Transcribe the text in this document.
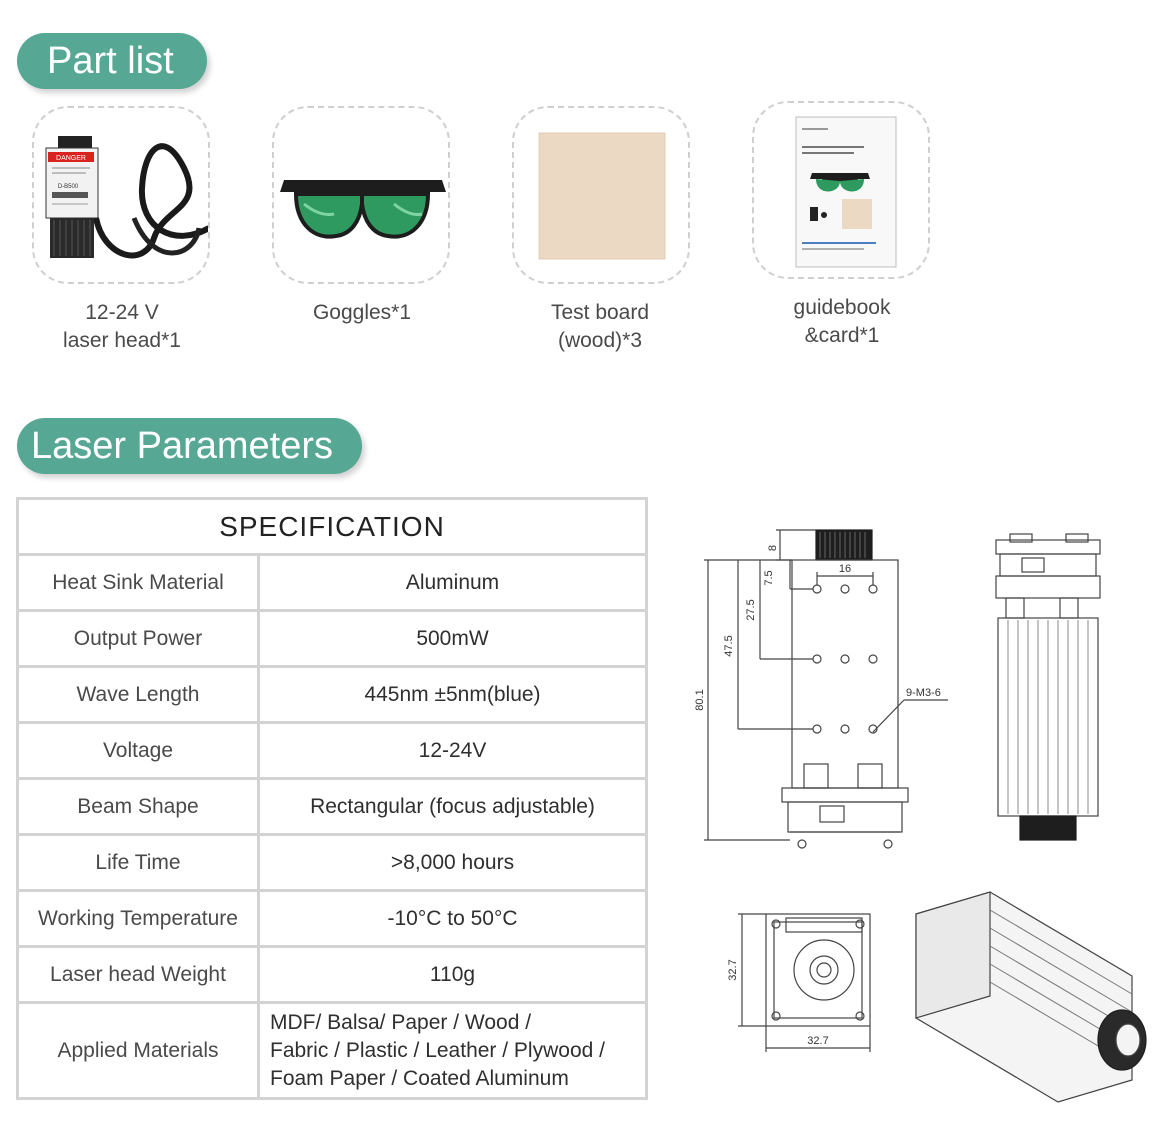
Part list
DANGER
D-B500
12-24 V
laser head*1
Goggles*1	Test board
(wood)*3
guidebook
&card*1
Laser Parameters
SPECIFICATION	
Heat Sink Material	Aluminum
Output Power	500mW
Wave Length	445nm ±5nm(blue)
Voltage	12-24V
Beam Shape	Rectangular (focus adjustable)
Life Time	>8,000 hours
Working Temperature	-10°C to 50°C
Laser head Weight	110g
Applied Materials	MDF/ Balsa/ Paper / Wood /
Fabric / Plastic / Leather / Plywood /
Foam Paper / Coated Aluminum
8
16
7.5
27.5
47.5
80.1	9-M3-6
32.7
32.7
